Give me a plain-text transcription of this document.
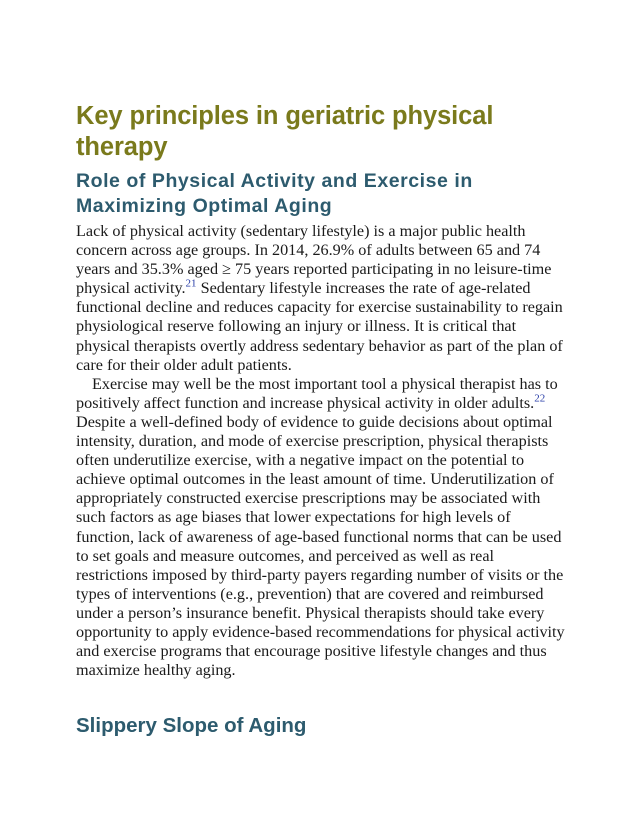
Key principles in geriatric physical therapy
Role of Physical Activity and Exercise in Maximizing Optimal Aging

Lack of physical activity (sedentary lifestyle) is a major public health concern across age groups. In 2014, 26.9% of adults between 65 and 74 years and 35.3% aged ≥ 75 years reported participating in no leisure-time physical activity.$^{21}$ Sedentary lifestyle increases the rate of age-related functional decline and reduces capacity for exercise sustainability to regain physiological reserve following an injury or illness. It is critical that physical therapists overtly address sedentary behavior as part of the plan of care for their older adult patients.

Exercise may well be the most important tool a physical therapist has to positively affect function and increase physical activity in older adults.$^{22}$ Despite a well-defined body of evidence to guide decisions about optimal intensity, duration, and mode of exercise prescription, physical therapists often underutilize exercise, with a negative impact on the potential to achieve optimal outcomes in the least amount of time. Underutilization of appropriately constructed exercise prescriptions may be associated with such factors as age biases that lower expectations for high levels of function, lack of awareness of age-based functional norms that can be used to set goals and measure outcomes, and perceived as well as real restrictions imposed by third-party payers regarding number of visits or the types of interventions (e.g., prevention) that are covered and reimbursed under a person’s insurance benefit. Physical therapists should take every opportunity to apply evidence-based recommendations for physical activity and exercise programs that encourage positive lifestyle changes and thus maximize healthy aging.

Slippery Slope of Aging
